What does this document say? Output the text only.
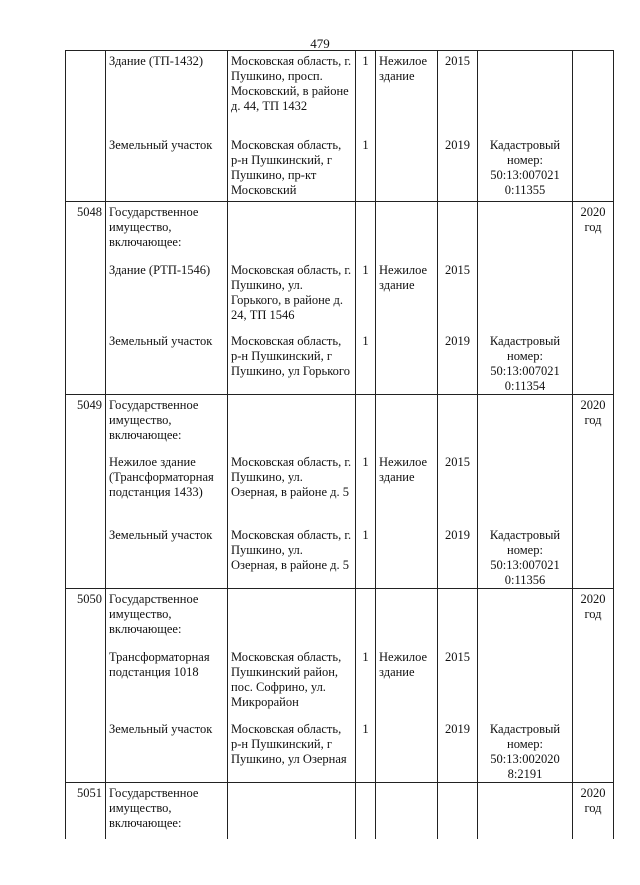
479
	Здание (ТП-1432)	Московская область, г. Пушкино, просп. Московский, в районе д. 44, ТП 1432	1	Нежилое здание	2015		
	Земельный участок	Московская область, р-н Пушкинский, г Пушкино, пр-кт Московский	1		2019	Кадастровый номер: 50:13:007021 0:11355	
5048	Государственное имущество, включающее:						2020 год
	Здание (РТП-1546)	Московская область, г. Пушкино, ул. Горького, в районе д. 24, ТП 1546	1	Нежилое здание	2015		
	Земельный участок	Московская область, р-н Пушкинский, г Пушкино, ул Горького	1		2019	Кадастровый номер: 50:13:007021 0:11354	
5049	Государственное имущество, включающее:						2020 год
	Нежилое здание (Трансформаторная подстанция 1433)	Московская область, г. Пушкино, ул. Озерная, в районе д. 5	1	Нежилое здание	2015		
	Земельный участок	Московская область, г. Пушкино, ул. Озерная, в районе д. 5	1		2019	Кадастровый номер: 50:13:007021 0:11356	
5050	Государственное имущество, включающее:						2020 год
	Трансформаторная подстанция 1018	Московская область, Пушкинский район, пос. Софрино, ул. Микрорайон	1	Нежилое здание	2015		
	Земельный участок	Московская область, р-н Пушкинский, г Пушкино, ул Озерная	1		2019	Кадастровый номер: 50:13:002020 8:2191	
5051	Государственное имущество, включающее:						2020 год
